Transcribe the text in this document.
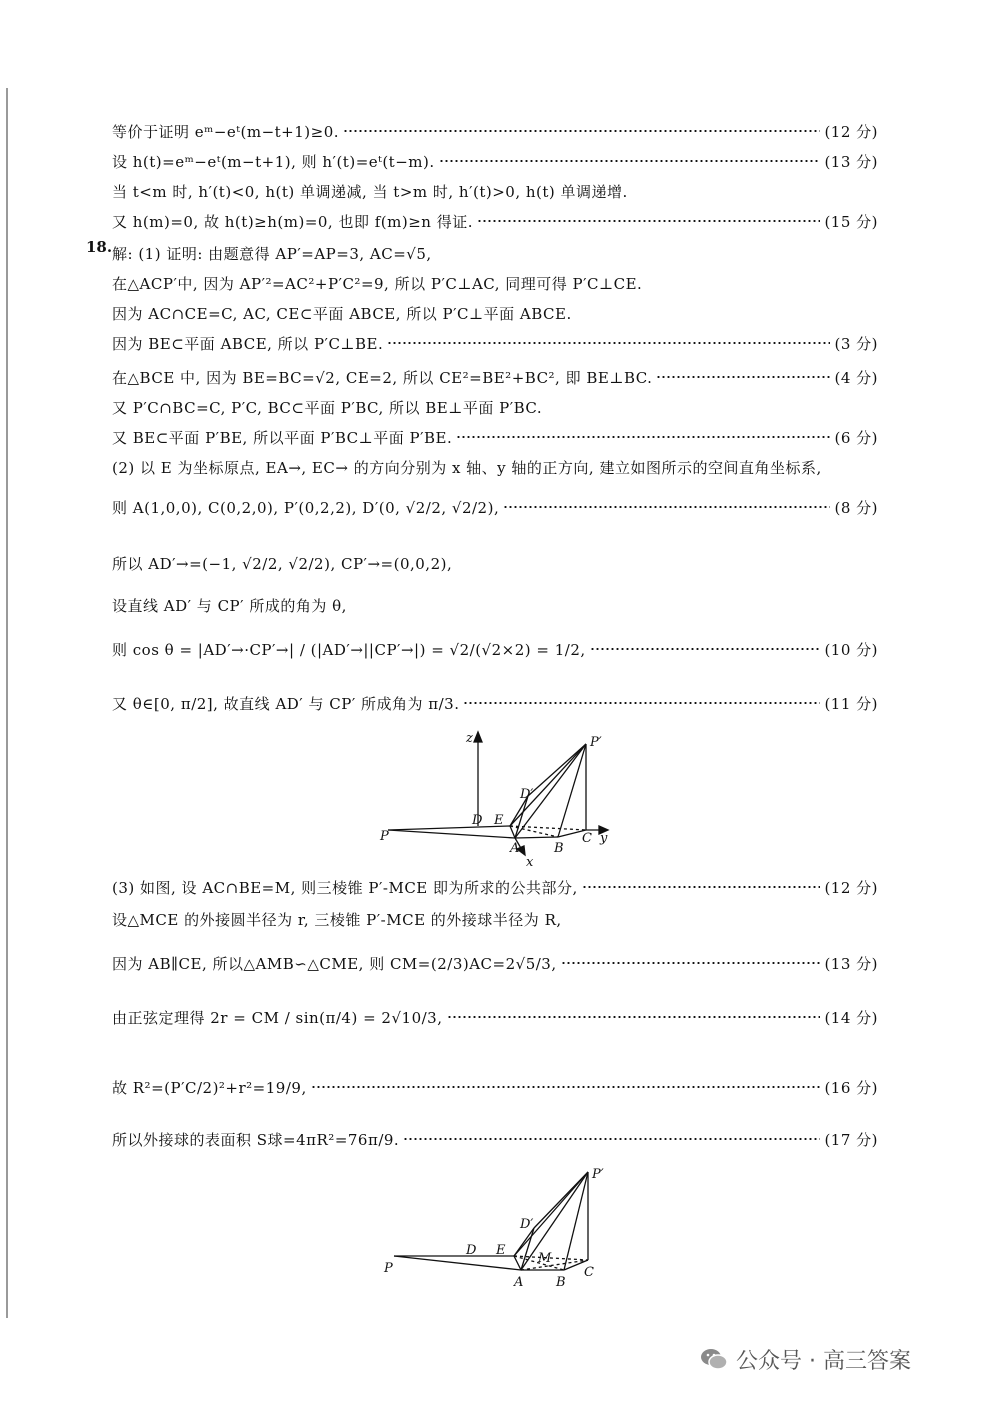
18.
等价于证明 eᵐ−eᵗ(m−t+1)≥0.	(12 分)
设 h(t)=eᵐ−eᵗ(m−t+1), 则 h′(t)=eᵗ(t−m).	(13 分)
当 t<m 时, h′(t)<0, h(t) 单调递减, 当 t>m 时, h′(t)>0, h(t) 单调递增.
又 h(m)=0, 故 h(t)≥h(m)=0, 也即 f(m)≥n 得证.	(15 分)
解: (1) 证明: 由题意得 AP′=AP=3, AC=√5,
在△ACP′中, 因为 AP′²=AC²+P′C²=9, 所以 P′C⊥AC, 同理可得 P′C⊥CE.
因为 AC∩CE=C, AC, CE⊂平面 ABCE, 所以 P′C⊥平面 ABCE.
因为 BE⊂平面 ABCE, 所以 P′C⊥BE.	(3 分)
在△BCE 中, 因为 BE=BC=√2, CE=2, 所以 CE²=BE²+BC², 即 BE⊥BC.	(4 分)
又 P′C∩BC=C, P′C, BC⊂平面 P′BC, 所以 BE⊥平面 P′BC.
又 BE⊂平面 P′BE, 所以平面 P′BC⊥平面 P′BE.	(6 分)
(2) 以 E 为坐标原点, EA→, EC→ 的方向分别为 x 轴、y 轴的正方向, 建立如图所示的空间直角坐标系,
则 A(1,0,0), C(0,2,0), P′(0,2,2), D′(0, √2/2, √2/2),	(8 分)
所以 AD′→=(−1, √2/2, √2/2), CP′→=(0,0,2),
设直线 AD′ 与 CP′ 所成的角为 θ,
则 cos θ = |AD′→·CP′→| / (|AD′→||CP′→|) = √2/(√2×2) = 1/2,	(10 分)
又 θ∈[0, π/2], 故直线 AD′ 与 CP′ 所成角为 π/3.	(11 分)
z	P′
D′
D E
P	C y
A	B
x
(3) 如图, 设 AC∩BE=M, 则三棱锥 P′-MCE 即为所求的公共部分,	(12 分)
设△MCE 的外接圆半径为 r, 三棱锥 P′-MCE 的外接球半径为 R,
因为 AB∥CE, 所以△AMB∽△CME, 则 CM=(2/3)AC=2√5/3,	(13 分)
由正弦定理得 2r = CM / sin(π/4) = 2√10/3,	(14 分)
故 R²=(P′C/2)²+r²=19/9,	(16 分)
所以外接球的表面积 S球=4πR²=76π/9.	(17 分)
P′
D′
D E
M
P
A	B
C
公众号 · 高三答案
